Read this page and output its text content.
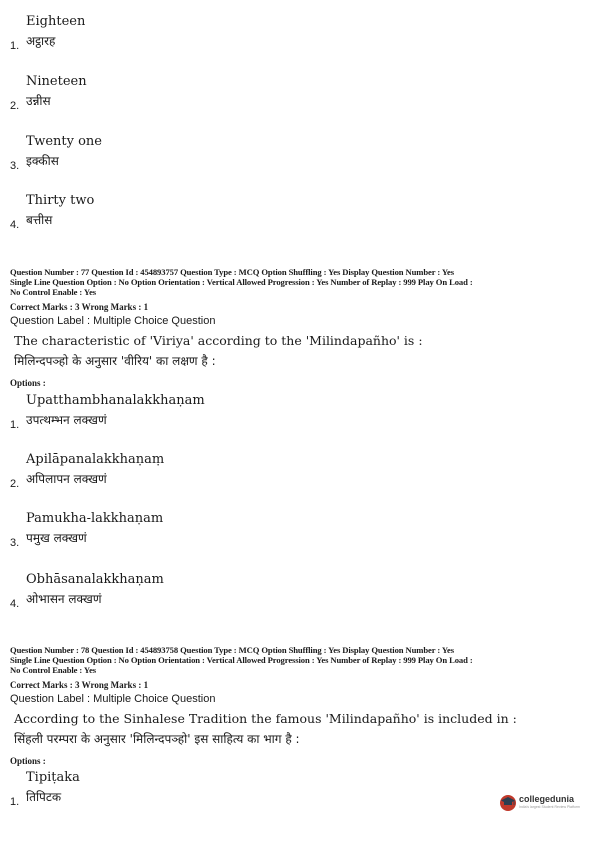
Eighteen
अट्ठारह
1.
Nineteen
उन्नीस
2.
Twenty one
इक्कीस
3.
Thirty two
बत्तीस
4.
Question Number : 77 Question Id : 454893757 Question Type : MCQ Option Shuffling : Yes Display Question Number : Yes
Single Line Question Option : No Option Orientation : Vertical Allowed Progression : Yes Number of Replay : 999 Play On Load :
No Control Enable : Yes
Correct Marks : 3 Wrong Marks : 1
Question Label : Multiple Choice Question
The characteristic of 'Viriya' according to the 'Milindapañho' is :
मिलिन्दपञ्हो के अनुसार 'वीरिय' का लक्षण है :
Options :
Upatthambhanalakkhaṇam
उपत्थम्भन लक्खणं
1.
Apilāpanalakkhaṇaṃ
अपिलापन लक्खणं
2.
Pamukha-lakkhaṇam
पमुख लक्खणं
3.
Obhāsanalakkhaṇam
ओभासन लक्खणं
4.
Question Number : 78 Question Id : 454893758 Question Type : MCQ Option Shuffling : Yes Display Question Number : Yes
Single Line Question Option : No Option Orientation : Vertical Allowed Progression : Yes Number of Replay : 999 Play On Load :
No Control Enable : Yes
Correct Marks : 3 Wrong Marks : 1
Question Label : Multiple Choice Question
According to the Sinhalese Tradition the famous 'Milindapañho' is included in :
सिंहली परम्परा के अनुसार 'मिलिन्दपञ्हो' इस साहित्य का भाग है :
Options :
Tipiṭaka
तिपिटक
1.	collegedunia
India's largest Student Review Platform
